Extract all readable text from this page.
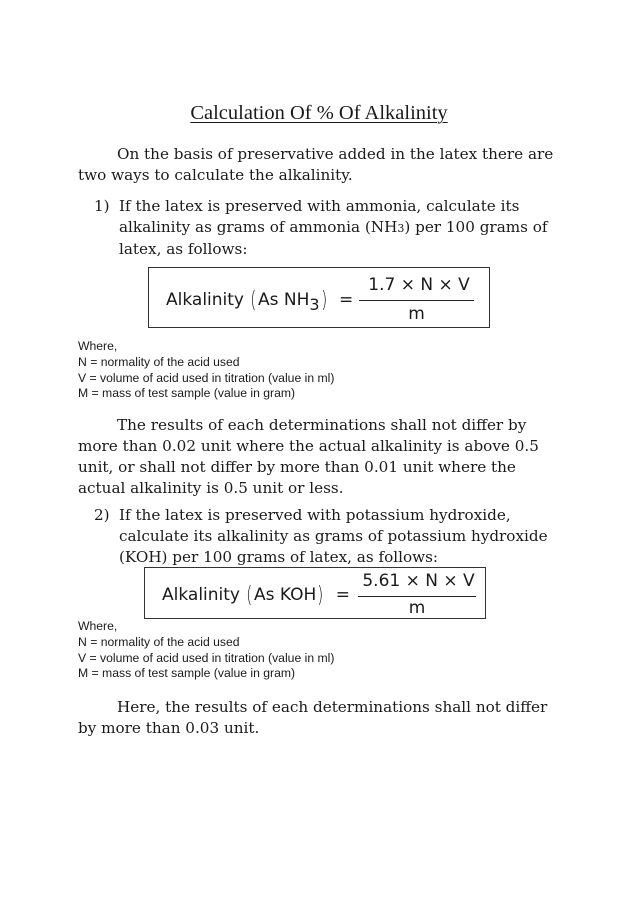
Calculation Of % Of Alkalinity

On the basis of preservative added in the latex there are two ways to calculate the alkalinity.

1) If the latex is preserved with ammonia, calculate its alkalinity as grams of ammonia (NH3) per 100 grams of latex, as follows:
Alkalinity (As NH3) =
1.7 × N × V
m
Where,
N = normality of the acid used
V = volume of acid used in titration (value in ml)
M = mass of test sample (value in gram)

The results of each determinations shall not differ by more than 0.02 unit where the actual alkalinity is above 0.5 unit, or shall not differ by more than 0.01 unit where the actual alkalinity is 0.5 unit or less.

2) If the latex is preserved with potassium hydroxide, calculate its alkalinity as grams of potassium hydroxide (KOH) per 100 grams of latex, as follows:
Alkalinity (As KOH) =
5.61 × N × V
m
Where,
N = normality of the acid used
V = volume of acid used in titration (value in ml)
M = mass of test sample (value in gram)

Here, the results of each determinations shall not differ by more than 0.03 unit.
